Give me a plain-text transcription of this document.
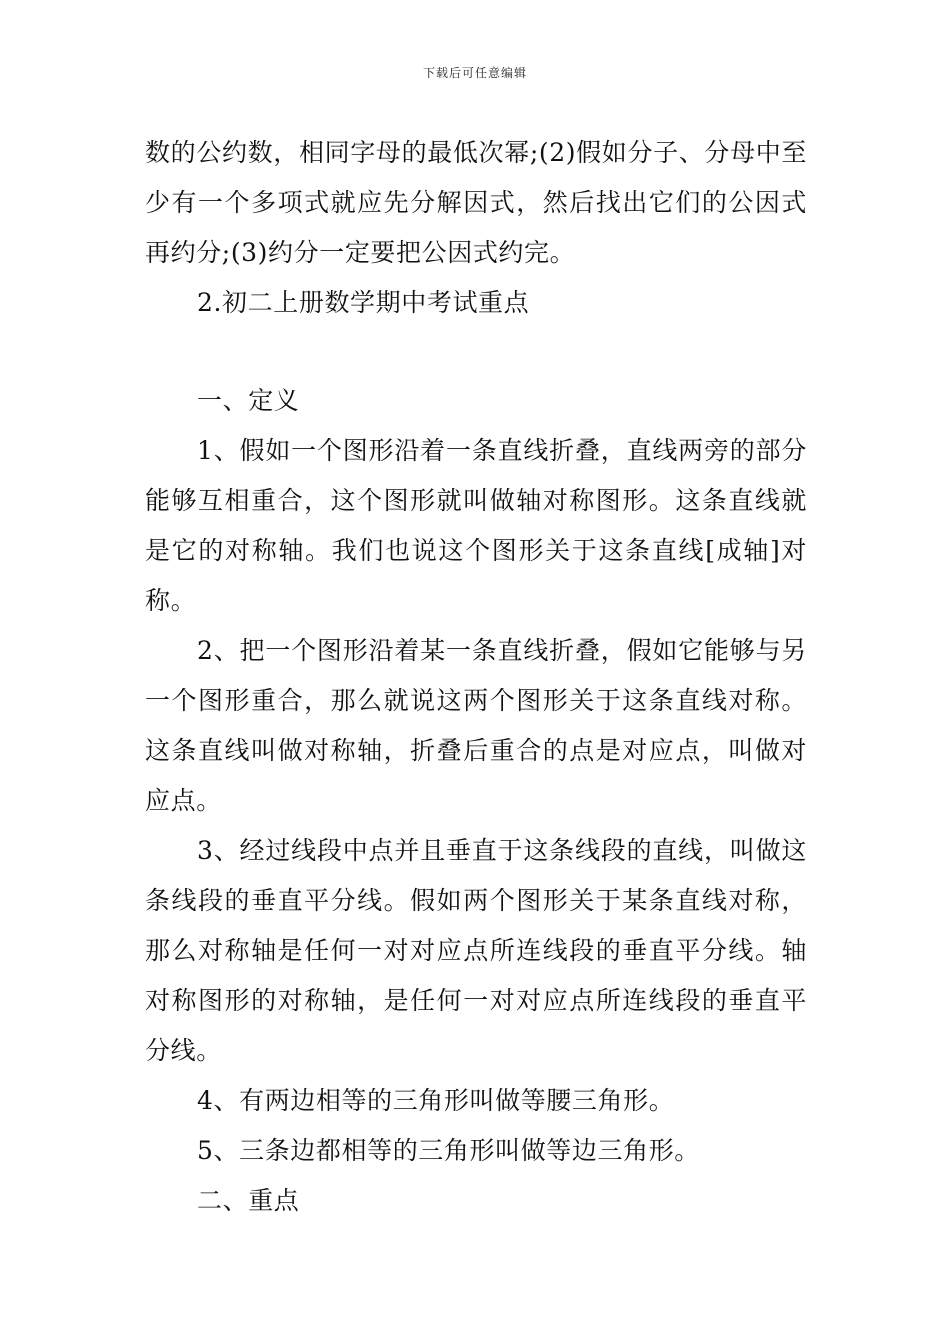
下载后可任意编辑

数的公约数，相同字母的最低次幂;(2)假如分子、分母中至少有一个多项式就应先分解因式，然后找出它们的公因式再约分;(3)约分一定要把公因式约完。

2.初二上册数学期中考试重点

一、定义

1、假如一个图形沿着一条直线折叠，直线两旁的部分能够互相重合，这个图形就叫做轴对称图形。这条直线就是它的对称轴。我们也说这个图形关于这条直线[成轴]对称。

2、把一个图形沿着某一条直线折叠，假如它能够与另一个图形重合，那么就说这两个图形关于这条直线对称。这条直线叫做对称轴，折叠后重合的点是对应点，叫做对应点。

3、经过线段中点并且垂直于这条线段的直线，叫做这条线段的垂直平分线。假如两个图形关于某条直线对称，那么对称轴是任何一对对应点所连线段的垂直平分线。轴对称图形的对称轴，是任何一对对应点所连线段的垂直平分线。

4、有两边相等的三角形叫做等腰三角形。

5、三条边都相等的三角形叫做等边三角形。

二、重点
